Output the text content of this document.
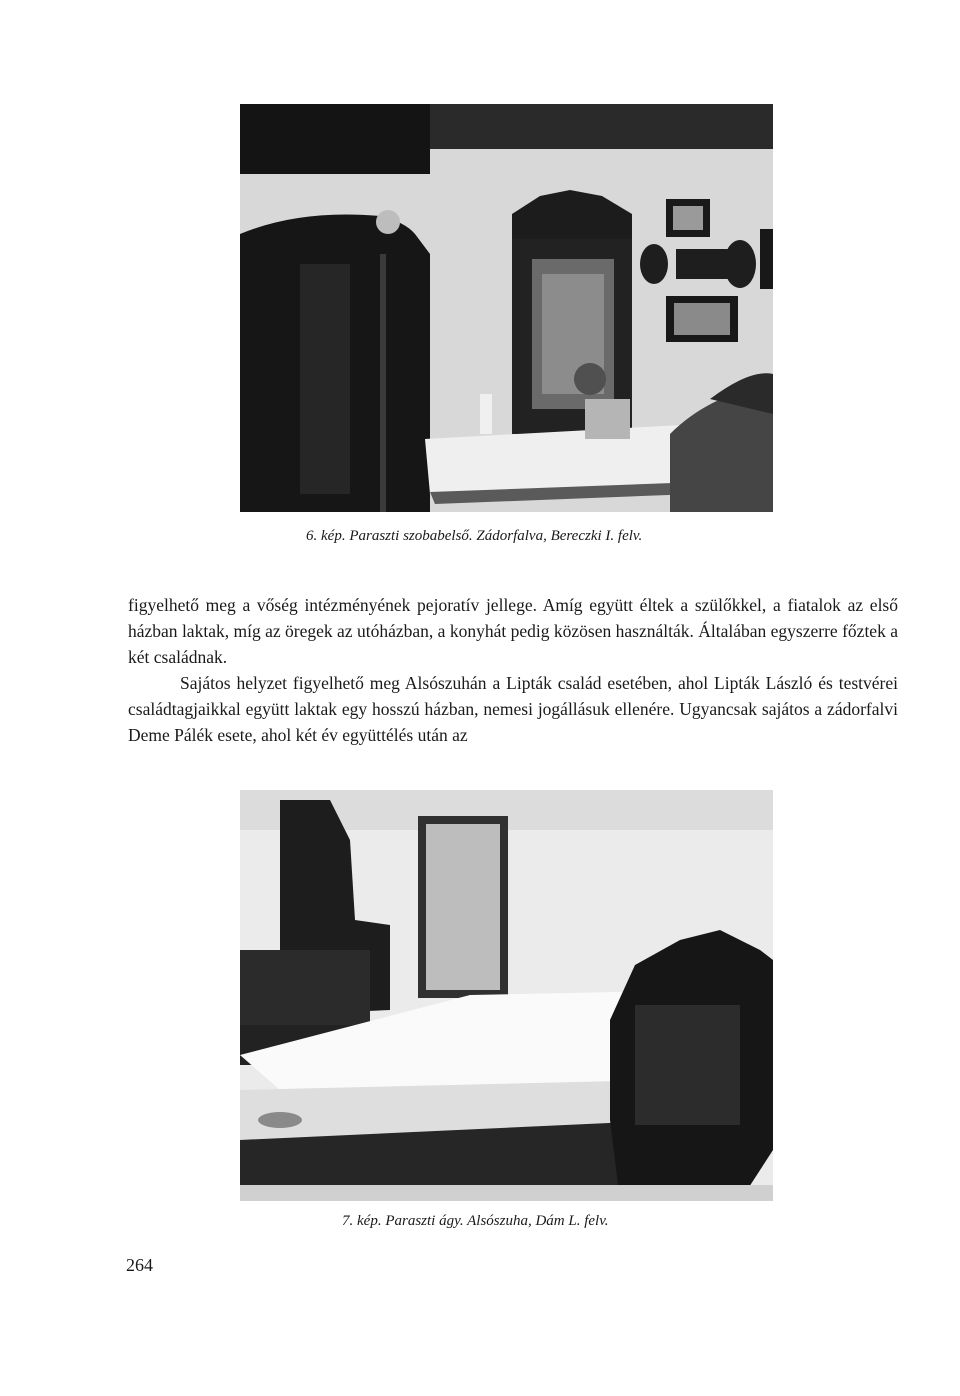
6. kép. Paraszti szobabelső. Zádorfalva, Bereczki I. felv.

figyelhető meg a vőség intézményének pejoratív jellege. Amíg együtt éltek a szülőkkel, a fiatalok az első házban laktak, míg az öregek az utóházban, a konyhát pedig közösen használták. Általában egyszerre főztek a két családnak.

Sajátos helyzet figyelhető meg Alsószuhán a Lipták család esetében, ahol Lipták László és testvérei családtagjaikkal együtt laktak egy hosszú házban, nemesi jogállásuk ellenére. Ugyancsak sajátos a zádorfalvi Deme Pálék esete, ahol két év együttélés után az

7. kép. Paraszti ágy. Alsószuha, Dám L. felv.

264
